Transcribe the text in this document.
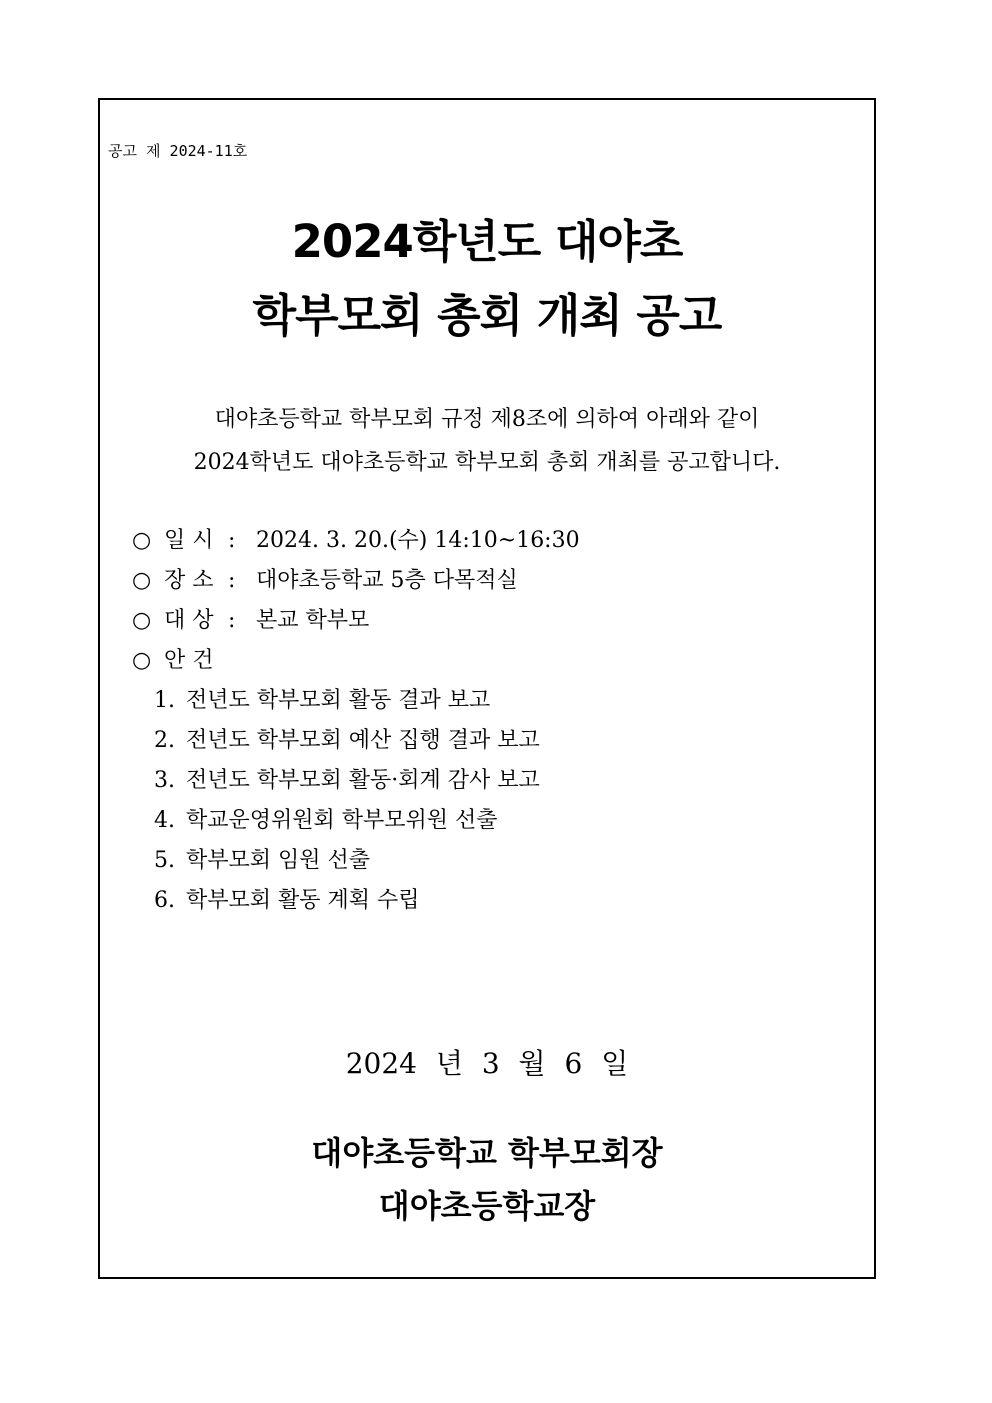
공고 제 2024-11호
2024학년도 대야초
학부모회 총회 개최 공고
대야초등학교 학부모회 규정 제8조에 의하여 아래와 같이
2024학년도 대야초등학교 학부모회 총회 개최를 공고합니다.
○ 일 시 : 2024. 3. 20.(수) 14:10~16:30
○ 장 소 : 대야초등학교 5층 다목적실
○ 대 상 : 본교 학부모
○ 안 건
1. 전년도 학부모회 활동 결과 보고
2. 전년도 학부모회 예산 집행 결과 보고
3. 전년도 학부모회 활동·회계 감사 보고
4. 학교운영위원회 학부모위원 선출
5. 학부모회 임원 선출
6. 학부모회 활동 계획 수립
2024 년 3 월 6 일
대야초등학교 학부모회장
대야초등학교장
